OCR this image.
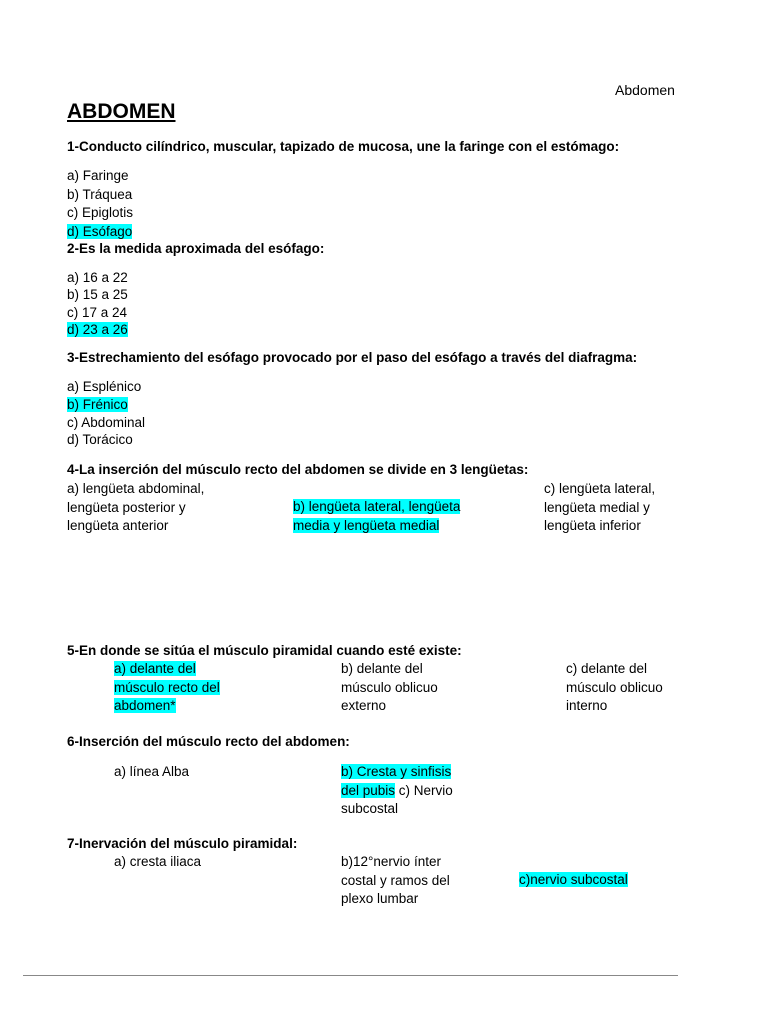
Abdomen
ABDOMEN
1-Conducto cilíndrico, muscular, tapizado de mucosa, une la faringe con el estómago:
a) Faringe
b) Tráquea
c) Epiglotis
d) Esófago
2-Es la medida aproximada del esófago:
a) 16 a 22
b) 15 a 25
c) 17 a 24
d) 23 a 26
3-Estrechamiento del esófago provocado por el paso del esófago a través del diafragma:
a) Esplénico
b) Frénico
c) Abdominal
d) Torácico
4-La inserción del músculo recto del abdomen se divide en 3 lengüetas:
a) lengüeta abdominal,
lengüeta posterior y
lengüeta anterior
b) lengüeta lateral, lengüeta
media y lengüeta medial
c) lengüeta lateral,
lengüeta medial y
lengüeta inferior
5-En donde se sitúa el músculo piramidal cuando esté existe:
a) delante del
músculo recto del
abdomen*
b) delante del
músculo oblicuo
externo
c) delante del
músculo oblicuo
interno
6-Inserción del músculo recto del abdomen:
a) línea Alba	b) Cresta y sinfisis
del pubis c) Nervio
subcostal
7-Inervación del músculo piramidal:
a) cresta iliaca	b)12°nervio ínter
costal y ramos del
plexo lumbar
c)nervio subcostal
